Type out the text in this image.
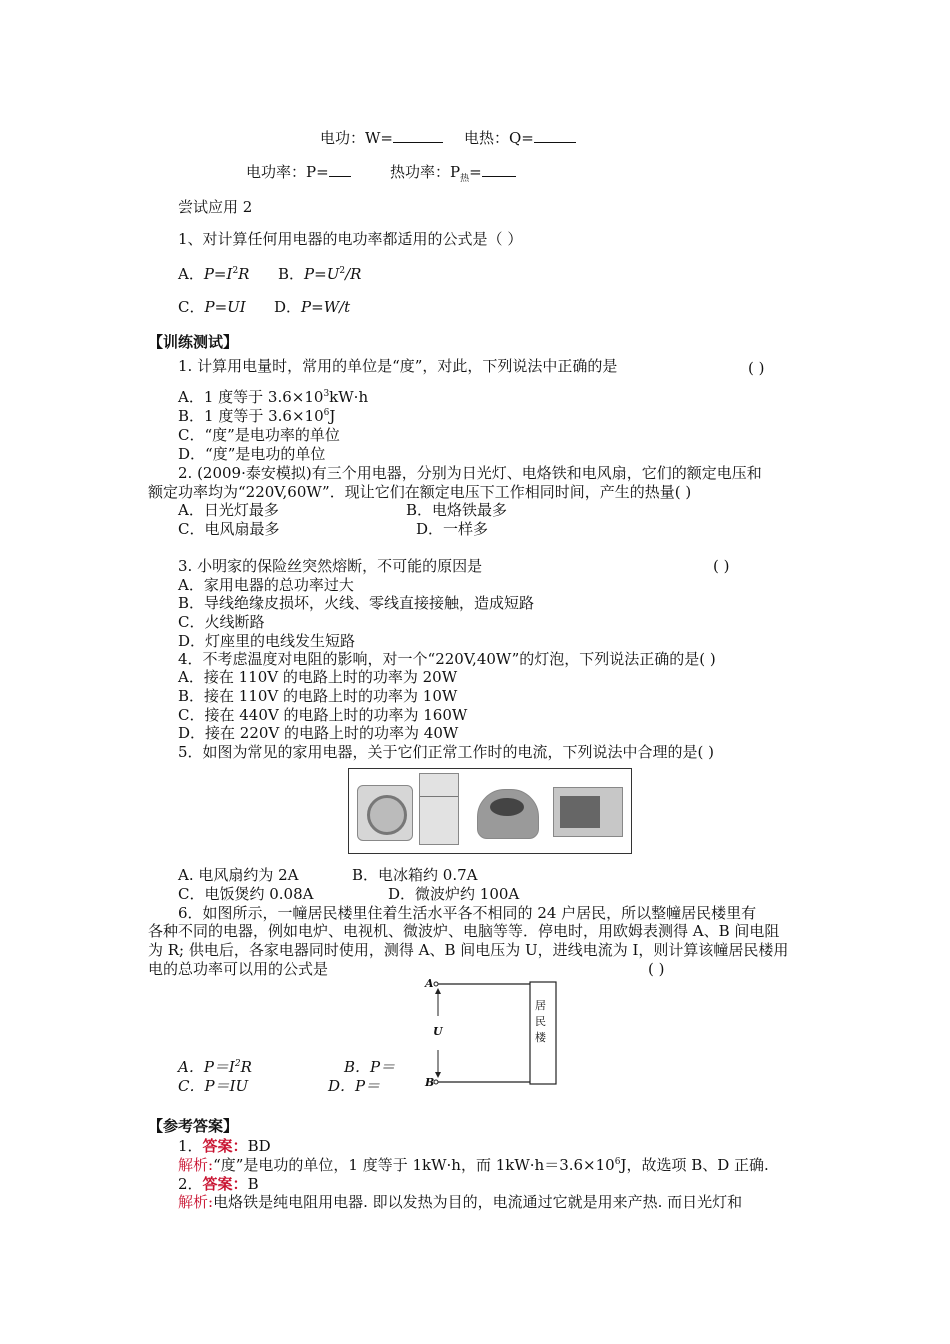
电功：W=	电热：Q=
电功率：P=	热功率：$P_热=$
尝试应用 2
1、对计算任何用电器的电功率都适用的公式是（ ）
A．$P=I^2R$ B．$P=U^2/R$
C．P=UI D．P=W/t
【训练测试】
1. 计算用电量时，常用的单位是“度”，对此，下列说法中正确的是	( )
A．1 度等于 $3.6\times 10^3kW\cdot h$
B．1 度等于 $3.6\times 10^6J$
C．“度”是电功率的单位
D．“度”是电功的单位
2. (2009·泰安模拟)有三个用电器，分别为日光灯、电烙铁和电风扇，它们的额定电压和
额定功率均为“220V,60W”．现让它们在额定电压下工作相同时间，产生的热量( )
A．日光灯最多	B．电烙铁最多
C．电风扇最多	D．一样多
3. 小明家的保险丝突然熔断，不可能的原因是	( )
A．家用电器的总功率过大
B．导线绝缘皮损坏，火线、零线直接接触，造成短路
C．火线断路
D．灯座里的电线发生短路
4．不考虑温度对电阻的影响，对一个“220V,40W”的灯泡，下列说法正确的是( )
A．接在 110V 的电路上时的功率为 20W
B．接在 110V 的电路上时的功率为 10W
C．接在 440V 的电路上时的功率为 160W
D．接在 220V 的电路上时的功率为 40W
5．如图为常见的家用电器，关于它们正常工作时的电流，下列说法中合理的是( )
A. 电风扇约为 2A	B．电冰箱约 0.7A
C．电饭煲约 0.08A	D．微波炉约 100A
6．如图所示，一幢居民楼里住着生活水平各不相同的 24 户居民，所以整幢居民楼里有
各种不同的电器，例如电炉、电视机、微波炉、电脑等等．停电时，用欧姆表测得 A、B 间电阻
为 R; 供电后，各家电器同时使用，测得 A、B 间电压为 U，进线电流为 I，则计算该幢居民楼用
电的总功率可以用的公式是	( )
A
B
U
居民楼
A．$P=I^2R$	B．P＝
C．P＝IU	D．P＝
【参考答案】
1．答案：BD
解析:“度”是电功的单位，1 度等于 1kW·h，而 $1kW\cdot h=3.6\times 10^6J$，故选项 B、D 正确.
2．答案：B
解析:电烙铁是纯电阻用电器. 即以发热为目的，电流通过它就是用来产热. 而日光灯和
